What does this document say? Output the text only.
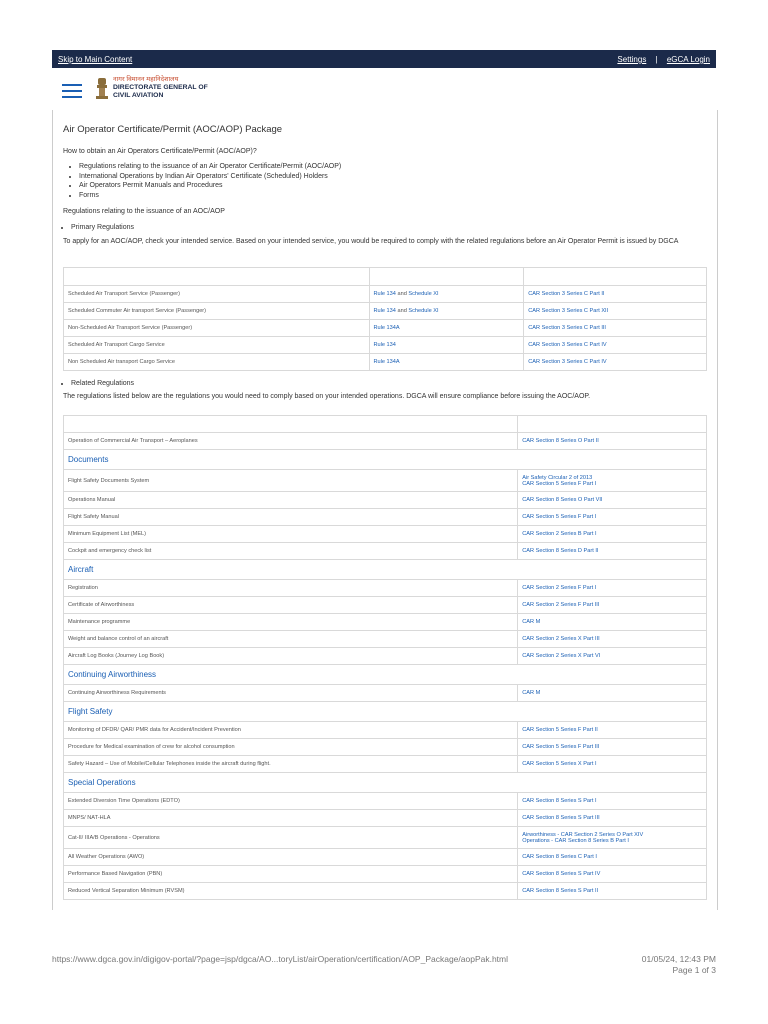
Skip to Main Content	Settings | eGCA Login
नागर विमानन महानिदेशालय
DIRECTORATE GENERAL OF
CIVIL AVIATION
Air Operator Certificate/Permit (AOC/AOP) Package
How to obtain an Air Operators Certificate/Permit (AOC/AOP)?
• Regulations relating to the issuance of an Air Operator Certificate/Permit (AOC/AOP)
• International Operations by Indian Air Operators' Certificate (Scheduled) Holders
• Air Operators Permit Manuals and Procedures
• Forms
Regulations relating to the issuance of an AOC/AOP
• Primary Regulations
To apply for an AOC/AOP, check your intended service. Based on your intended service, you would be required to comply with the related regulations before an Air Operator Permit is issued by DGCA

Scheduled Air Transport Service (Passenger)	Rule 134 and Schedule XI	CAR Section 3 Series C Part II
Scheduled Commuter Air transport Service (Passenger)	Rule 134 and Schedule XI	CAR Section 3 Series C Part XII
Non-Scheduled Air Transport Service (Passenger)	Rule 134A	CAR Section 3 Series C Part III
Scheduled Air Transport Cargo Service	Rule 134	CAR Section 3 Series C Part IV
Non Scheduled Air transport Cargo Service	Rule 134A	CAR Section 3 Series C Part IV
• Related Regulations
The regulations listed below are the regulations you would need to comply based on your intended operations. DGCA will ensure compliance before issuing the AOC/AOP.

Operation of Commercial Air Transport – Aeroplanes	CAR Section 8 Series O Part II
Documents	
Flight Safety Documents System	Air Safety Circular 2 of 2013
CAR Section 5 Series F Part I

Operations Manual	CAR Section 8 Series O Part VII
Flight Safety Manual	CAR Section 5 Series F Part I
Minimum Equipment List (MEL)	CAR Section 2 Series B Part I
Cockpit and emergency check list	CAR Section 8 Series D Part II
Aircraft	
Registration	CAR Section 2 Series F Part I
Certificate of Airworthiness	CAR Section 2 Series F Part III
Maintenance programme	CAR M
Weight and balance control of an aircraft	CAR Section 2 Series X Part III
Aircraft Log Books (Journey Log Book)	CAR Section 2 Series X Part VI
Continuing Airworthiness	
Continuing Airworthiness Requirements	CAR M
Flight Safety	
Monitoring of DFDR/ QAR/ PMR data for Accident/Incident Prevention	CAR Section 5 Series F Part II
Procedure for Medical examination of crew for alcohol consumption	CAR Section 5 Series F Part III
Safety Hazard – Use of Mobile/Cellular Telephones inside the aircraft during flight.	CAR Section 5 Series X Part I
Special Operations	
Extended Diversion Time Operations (EDTO)	CAR Section 8 Series S Part I
MNPS/ NAT-HLA	CAR Section 8 Series S Part III
Cat-II/ IIIA/B Operations - Operations	Airworthiness - CAR Section 2 Series O Part XIV
Operations - CAR Section 8 Series B Part I

All Weather Operations (AWO)	CAR Section 8 Series C Part I
Performance Based Navigation (PBN)	CAR Section 8 Series S Part IV
Reduced Vertical Separation Minimum (RVSM)	CAR Section 8 Series S Part II
https://www.dgca.gov.in/digigov-portal/?page=jsp/dgca/AO...toryList/airOperation/certification/AOP_Package/aopPak.html	01/05/24, 12:43 PM
Page 1 of 3
